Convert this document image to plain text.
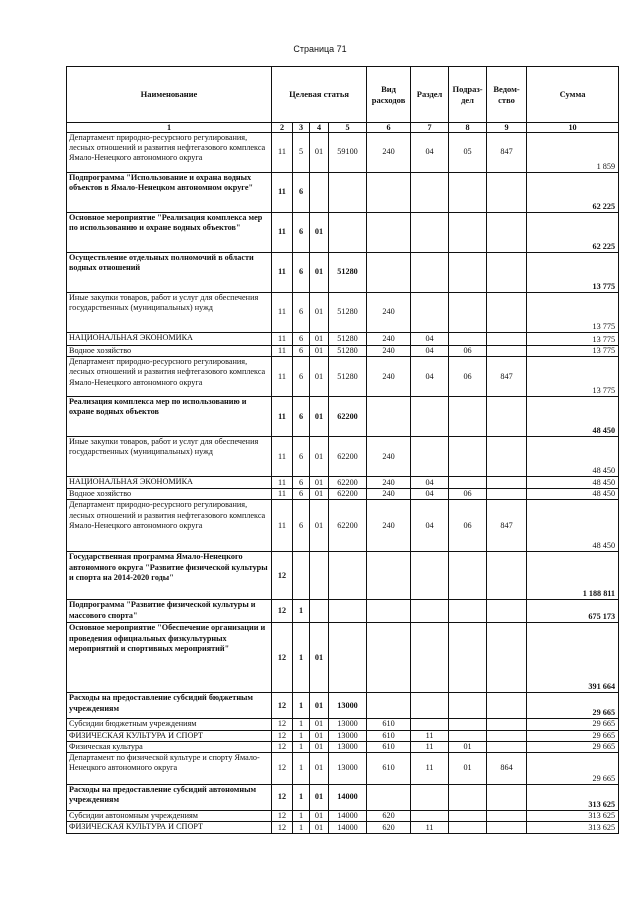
Страница 71
Наименование	Целевая статья				Вид расходов	Раздел	Подраз-дел	Ведом-ство	Сумма
1	2	3	4	5	6	7	8	9	10
Департамент природно-ресурсного регулирования, лесных отношений и развития нефтегазового комплекса Ямало-Ненецкого автономного округа	11	5	01	59100	240	04	05	847	1 859
Подпрограмма "Использование и охрана водных объектов в Ямало-Ненецком автономном округе"	11	6							62 225
Основное мероприятие "Реализация комплекса мер по использованию и охране водных объектов"	11	6	01						62 225
Осуществление отдельных полномочий в области водных отношений	11	6	01	51280					13 775
Иные закупки товаров, работ и услуг для обеспечения государственных (муниципальных) нужд	11	6	01	51280	240				13 775
НАЦИОНАЛЬНАЯ ЭКОНОМИКА	11	6	01	51280	240	04			13 775
Водное хозяйство	11	6	01	51280	240	04	06		13 775
Департамент природно-ресурсного регулирования, лесных отношений и развития нефтегазового комплекса Ямало-Ненецкого автономного округа	11	6	01	51280	240	04	06	847	13 775
Реализация комплекса мер по использованию и охране водных объектов	11	6	01	62200					48 450
Иные закупки товаров, работ и услуг для обеспечения государственных (муниципальных) нужд	11	6	01	62200	240				48 450
НАЦИОНАЛЬНАЯ ЭКОНОМИКА	11	6	01	62200	240	04			48 450
Водное хозяйство	11	6	01	62200	240	04	06		48 450
Департамент природно-ресурсного регулирования, лесных отношений и развития нефтегазового комплекса Ямало-Ненецкого автономного округа	11	6	01	62200	240	04	06	847	48 450
Государственная программа Ямало-Ненецкого автономного округа "Развитие физической культуры и спорта на 2014-2020 годы"	12								1 188 811
Подпрограмма "Развитие физической культуры и массового спорта"	12	1							675 173
Основное мероприятие "Обеспечение организации и проведения официальных физкультурных мероприятий и спортивных мероприятий"	12	1	01						391 664
Расходы на предоставление субсидий бюджетным учреждениям	12	1	01	13000					29 665
Субсидии бюджетным учреждениям	12	1	01	13000	610				29 665
ФИЗИЧЕСКАЯ КУЛЬТУРА И СПОРТ	12	1	01	13000	610	11			29 665
Физическая культура	12	1	01	13000	610	11	01		29 665
Департамент по физической культуре и спорту Ямало-Ненецкого автономного округа	12	1	01	13000	610	11	01	864	29 665
Расходы на предоставление субсидий автономным учреждениям	12	1	01	14000					313 625
Субсидии автономным учреждениям	12	1	01	14000	620				313 625
ФИЗИЧЕСКАЯ КУЛЬТУРА И СПОРТ	12	1	01	14000	620	11			313 625
